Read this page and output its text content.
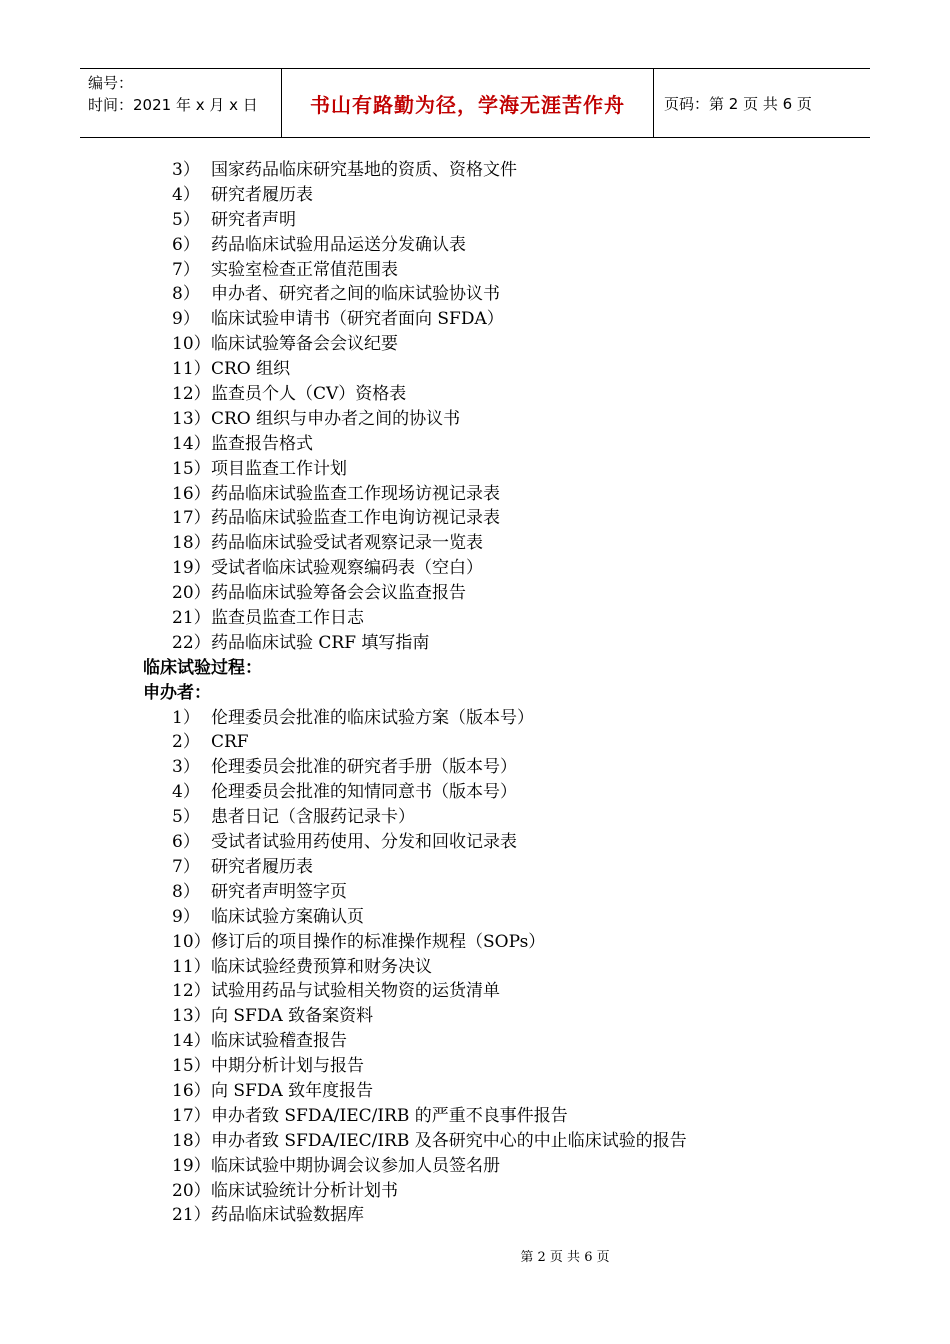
编号：
时间：2021 年 x 月 x 日	书山有路勤为径，学海无涯苦作舟	页码：第 2 页 共 6 页
3） 国家药品临床研究基地的资质、资格文件
4） 研究者履历表
5） 研究者声明
6） 药品临床试验用品运送分发确认表
7） 实验室检查正常值范围表
8） 申办者、研究者之间的临床试验协议书
9） 临床试验申请书（研究者面向 SFDA）
10） 临床试验筹备会会议纪要
11） CRO 组织
12） 监查员个人（CV）资格表
13） CRO 组织与申办者之间的协议书
14） 监查报告格式
15） 项目监查工作计划
16） 药品临床试验监查工作现场访视记录表
17） 药品临床试验监查工作电询访视记录表
18） 药品临床试验受试者观察记录一览表
19） 受试者临床试验观察编码表（空白）
20） 药品临床试验筹备会会议监查报告
21） 监查员监查工作日志
22） 药品临床试验 CRF 填写指南
临床试验过程：
申办者：
1） 伦理委员会批准的临床试验方案（版本号）
2） CRF
3） 伦理委员会批准的研究者手册（版本号）
4） 伦理委员会批准的知情同意书（版本号）
5） 患者日记（含服药记录卡）
6） 受试者试验用药使用、分发和回收记录表
7） 研究者履历表
8） 研究者声明签字页
9） 临床试验方案确认页
10） 修订后的项目操作的标准操作规程（SOPs）
11） 临床试验经费预算和财务决议
12） 试验用药品与试验相关物资的运货清单
13） 向 SFDA 致备案资料
14） 临床试验稽查报告
15） 中期分析计划与报告
16） 向 SFDA 致年度报告
17） 申办者致 SFDA/IEC/IRB 的严重不良事件报告
18） 申办者致 SFDA/IEC/IRB 及各研究中心的中止临床试验的报告
19） 临床试验中期协调会议参加人员签名册
20） 临床试验统计分析计划书
21） 药品临床试验数据库
第 2 页 共 6 页
